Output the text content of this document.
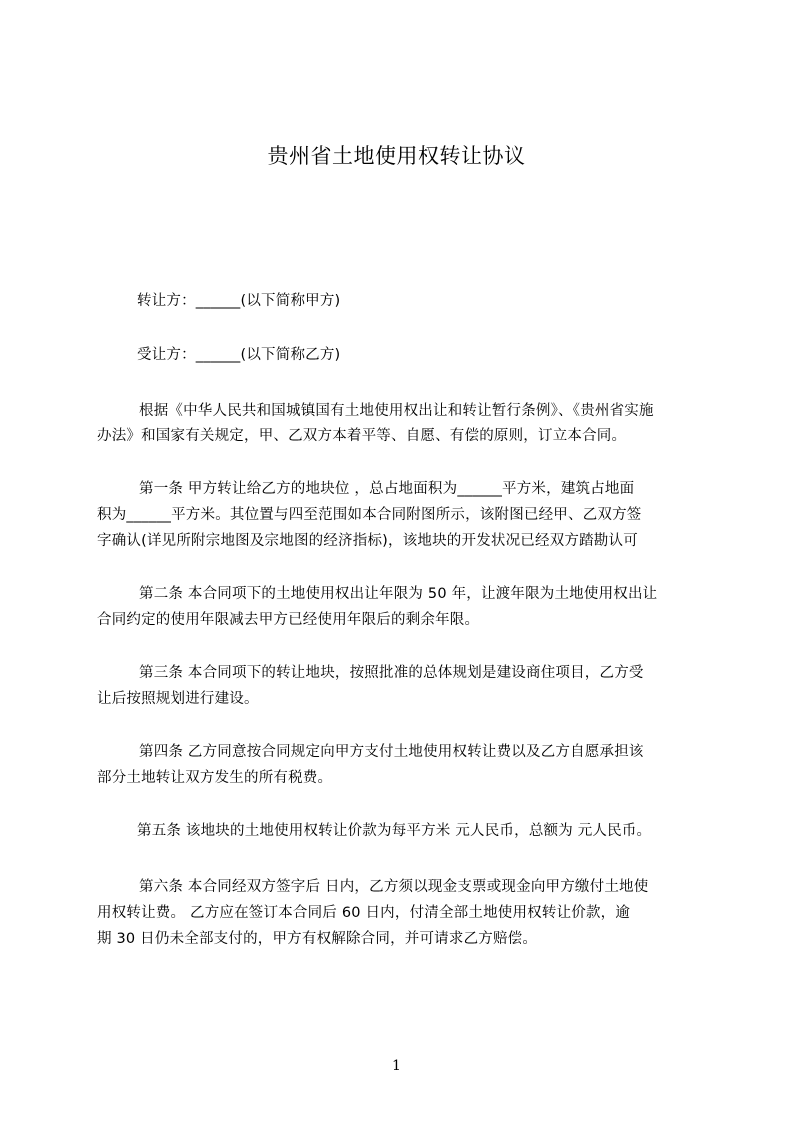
贵州省土地使用权转让协议
转让方：______(以下简称甲方)
受让方：______(以下简称乙方)
根据《中华人民共和国城镇国有土地使用权出让和转让暂行条例》、《贵州省实施
办法》和国家有关规定，甲、乙双方本着平等、自愿、有偿的原则，订立本合同。
第一条 甲方转让给乙方的地块位 ，总占地面积为______平方米，建筑占地面
积为______平方米。其位置与四至范围如本合同附图所示，该附图已经甲、乙双方签
字确认(详见所附宗地图及宗地图的经济指标)，该地块的开发状况已经双方踏勘认可
第二条 本合同项下的土地使用权出让年限为 50 年，让渡年限为土地使用权出让
合同约定的使用年限减去甲方已经使用年限后的剩余年限。
第三条 本合同项下的转让地块，按照批准的总体规划是建设商住项目，乙方受
让后按照规划进行建设。
第四条 乙方同意按合同规定向甲方支付土地使用权转让费以及乙方自愿承担该
部分土地转让双方发生的所有税费。
第五条 该地块的土地使用权转让价款为每平方米 元人民币，总额为 元人民币。
第六条 本合同经双方签字后 日内，乙方须以现金支票或现金向甲方缴付土地使
用权转让费。 乙方应在签订本合同后 60 日内，付清全部土地使用权转让价款，逾
期 30 日仍未全部支付的，甲方有权解除合同，并可请求乙方赔偿。
1
